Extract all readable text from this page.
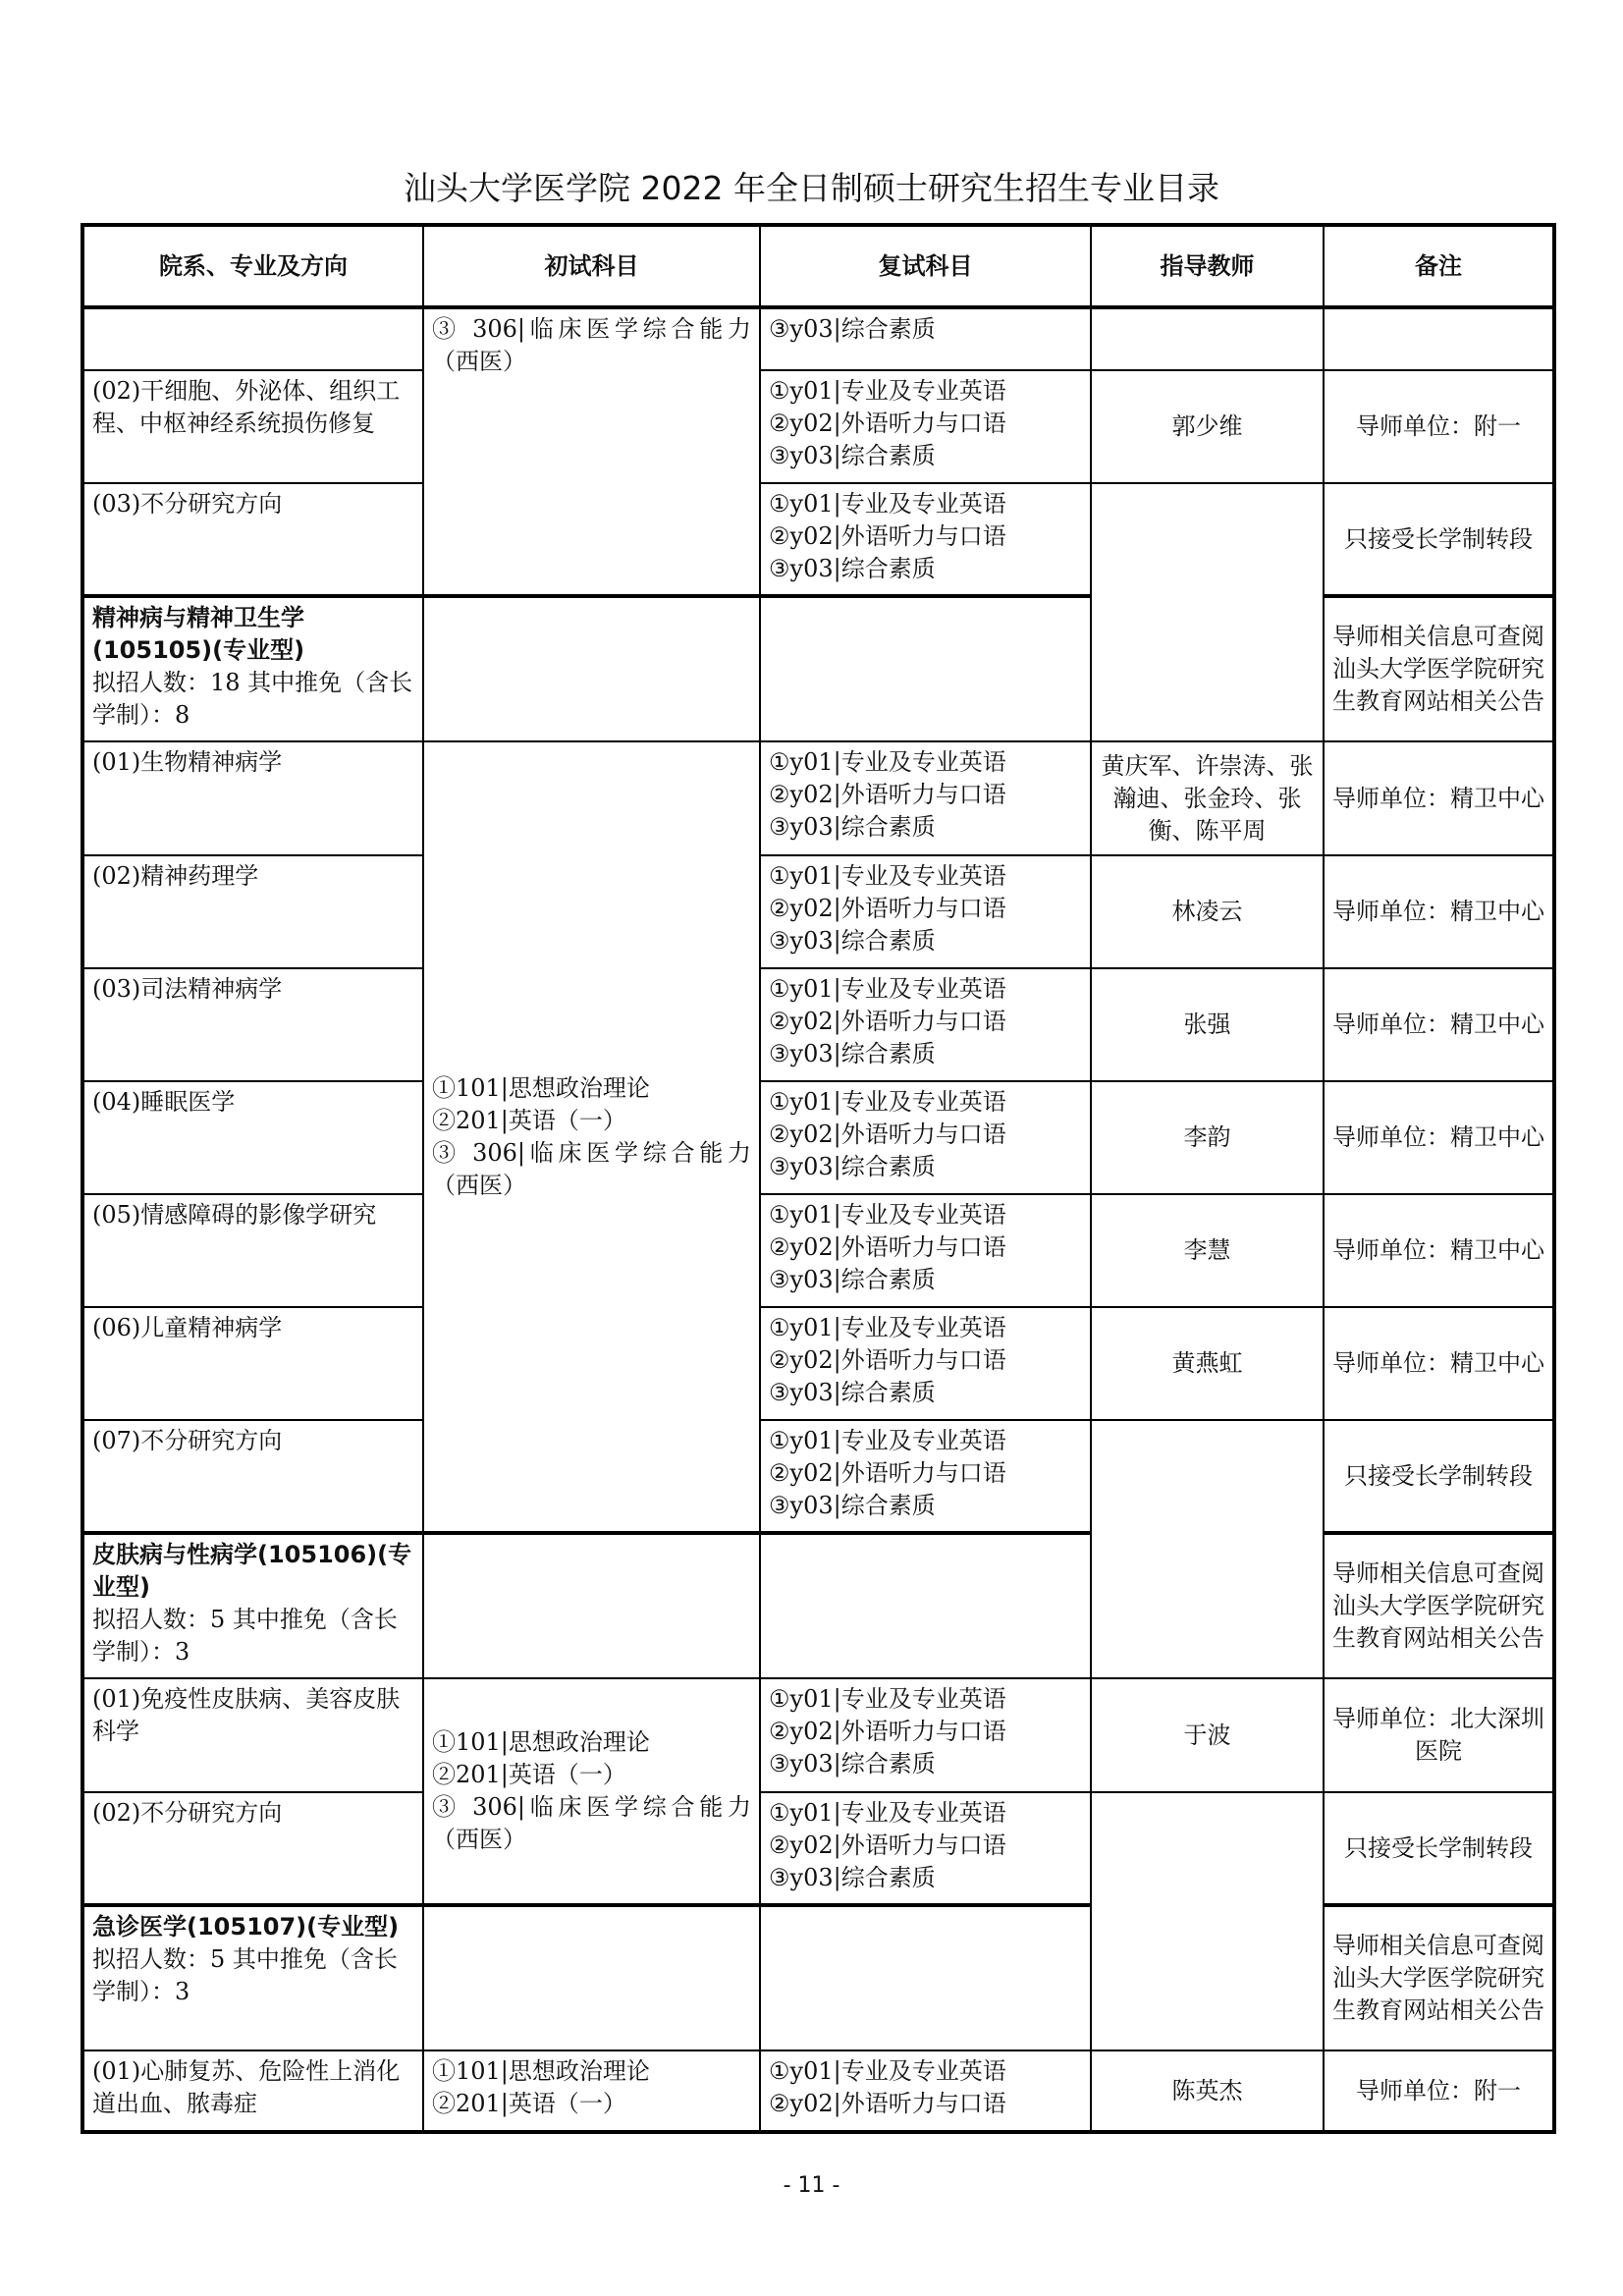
汕头大学医学院 2022 年全日制硕士研究生招生专业目录
院系、专业及方向	初试科目	复试科目	指导教师	备注

	③ 306|临床医学综合能力
（西医）	③y03|综合素质		

(02)干细胞、外泌体、组织工程、中枢神经系统损伤修复		①y01|专业及专业英语
②y02|外语听力与口语
③y03|综合素质	郭少维	导师单位：附一
(03)不分研究方向		①y01|专业及专业英语
②y02|外语听力与口语
③y03|综合素质		只接受长学制转段

精神病与精神卫生学(105105)(专业型)
拟招人数：18 其中推免（含长学制）：8				导师相关信息可查阅汕头大学医学院研究生教育网站相关公告
(01)生物精神病学	①101|思想政治理论
②201|英语（一）
③ 306|临床医学综合能力
（西医）	①y01|专业及专业英语
②y02|外语听力与口语
③y03|综合素质	黄庆军、许崇涛、张瀚迪、张金玲、张衡、陈平周	导师单位：精卫中心
(02)精神药理学		①y01|专业及专业英语
②y02|外语听力与口语
③y03|综合素质	林凌云	导师单位：精卫中心
(03)司法精神病学		①y01|专业及专业英语
②y02|外语听力与口语
③y03|综合素质	张强	导师单位：精卫中心
(04)睡眠医学		①y01|专业及专业英语
②y02|外语听力与口语
③y03|综合素质	李韵	导师单位：精卫中心
(05)情感障碍的影像学研究		①y01|专业及专业英语
②y02|外语听力与口语
③y03|综合素质	李慧	导师单位：精卫中心
(06)儿童精神病学		①y01|专业及专业英语
②y02|外语听力与口语
③y03|综合素质	黄燕虹	导师单位：精卫中心
(07)不分研究方向		①y01|专业及专业英语
②y02|外语听力与口语
③y03|综合素质		只接受长学制转段

皮肤病与性病学(105106)(专业型)
拟招人数：5 其中推免（含长学制）：3				导师相关信息可查阅汕头大学医学院研究生教育网站相关公告
(01)免疫性皮肤病、美容皮肤科学	①101|思想政治理论
②201|英语（一）
③ 306|临床医学综合能力
（西医）	①y01|专业及专业英语
②y02|外语听力与口语
③y03|综合素质	于波	导师单位：北大深圳医院
(02)不分研究方向		①y01|专业及专业英语
②y02|外语听力与口语
③y03|综合素质		只接受长学制转段

急诊医学(105107)(专业型)
拟招人数：5 其中推免（含长学制）：3				导师相关信息可查阅汕头大学医学院研究生教育网站相关公告
(01)心肺复苏、危险性上消化道出血、脓毒症	①101|思想政治理论
②201|英语（一）	①y01|专业及专业英语
②y02|外语听力与口语	陈英杰	导师单位：附一
- 11 -
